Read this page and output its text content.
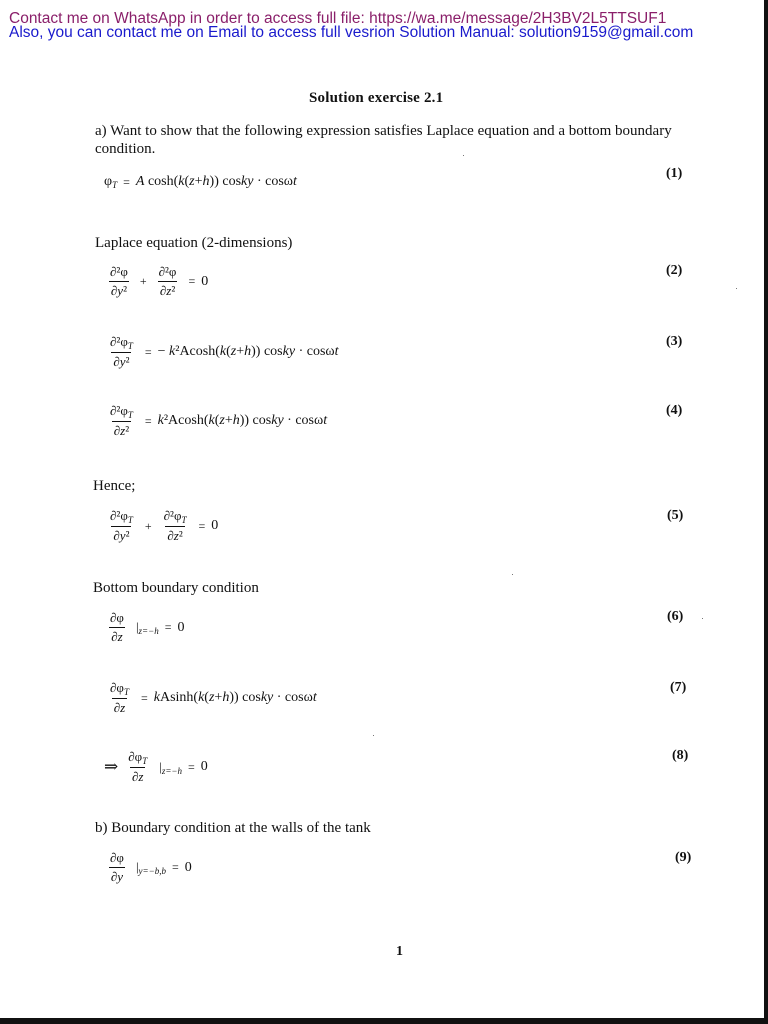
Contact me on WhatsApp in order to access full file: https://wa.me/message/2H3BV2L5TTSUF1
Also, you can contact me on Email to access full vesrion Solution Manual: solution9159@gmail.com
Solution exercise 2.1
a) Want to show that the following expression satisfies Laplace equation and a bottom boundary condition.
$\varphi_T = A$ cosh(k(z+h)) cosky · cosωt
(1)
Laplace equation (2-dimensions)
$\frac{\text{∂²φ}}{\text{∂y²}} + \frac{\text{∂²φ}}{\text{∂z²}} = 0$
(2)
$\frac{\partial^2\varphi_T}{\text{∂y²}}$ = − k²Acosh(k(z+h)) cosky · cosωt
(3)
$\frac{\partial^2\varphi_T}{\text{∂z²}} = k^2Acosh(k(z+h))$ cosky · cosωt
(4)
Hence;
$\frac{\partial^2\varphi_T}{\text{∂y²}} + \frac{\partial^2\varphi_T}{\text{∂z²}} = 0$
(5)
Bottom boundary condition
$\frac{\partial\varphi}{\partial z} |_{z=-h} = 0$
(6)
$\frac{\partial\varphi_T}{\partial z} = kAsinh(k(z+h))$ cosky · cosωt
(7)
⇒ $\frac{\partial\varphi_T}{\partial z} |_{z=-h} = 0$
(8)
b) Boundary condition at the walls of the tank
$\frac{\partial\varphi}{\partial y} |_{y=-b,b} = 0$
(9)
1
